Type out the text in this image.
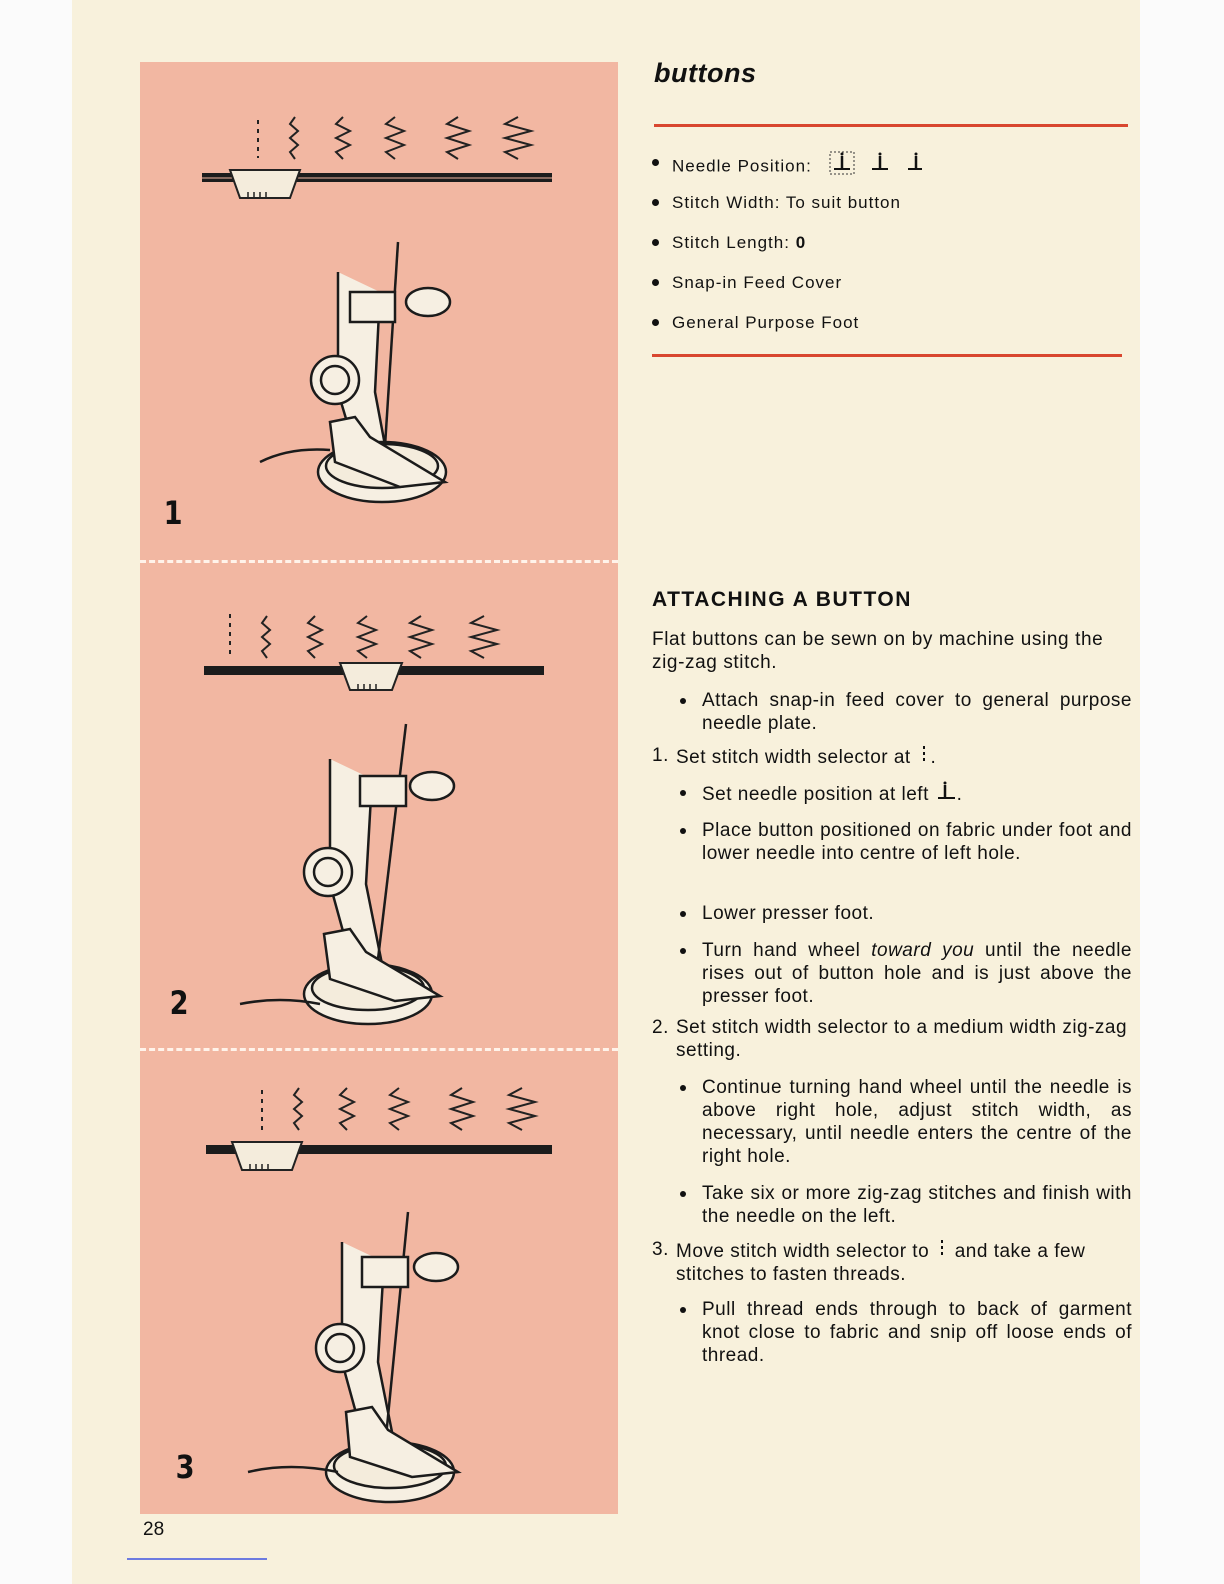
1
2
3
28
buttons
Needle Position:
Stitch Width: To suit button
Stitch Length: 0
Snap-in Feed Cover
General Purpose Foot
ATTACHING A BUTTON

Flat buttons can be sewn on by machine using the zig-zag stitch.

Attach snap-in feed cover to general purpose needle plate.
1. Set stitch width selector at .
Set needle position at left .
Place button positioned on fabric under foot and lower needle into centre of left hole.
Lower presser foot.
Turn hand wheel toward you until the needle rises out of button hole and is just above the presser foot.
2. Set stitch width selector to a medium width zig-zag setting.
Continue turning hand wheel until the needle is above right hole, adjust stitch width, as necessary, until needle enters the centre of the right hole.
Take six or more zig-zag stitches and finish with the needle on the left.
3. Move stitch width selector to and take a few stitches to fasten threads.
Pull thread ends through to back of garment knot close to fabric and snip off loose ends of thread.
